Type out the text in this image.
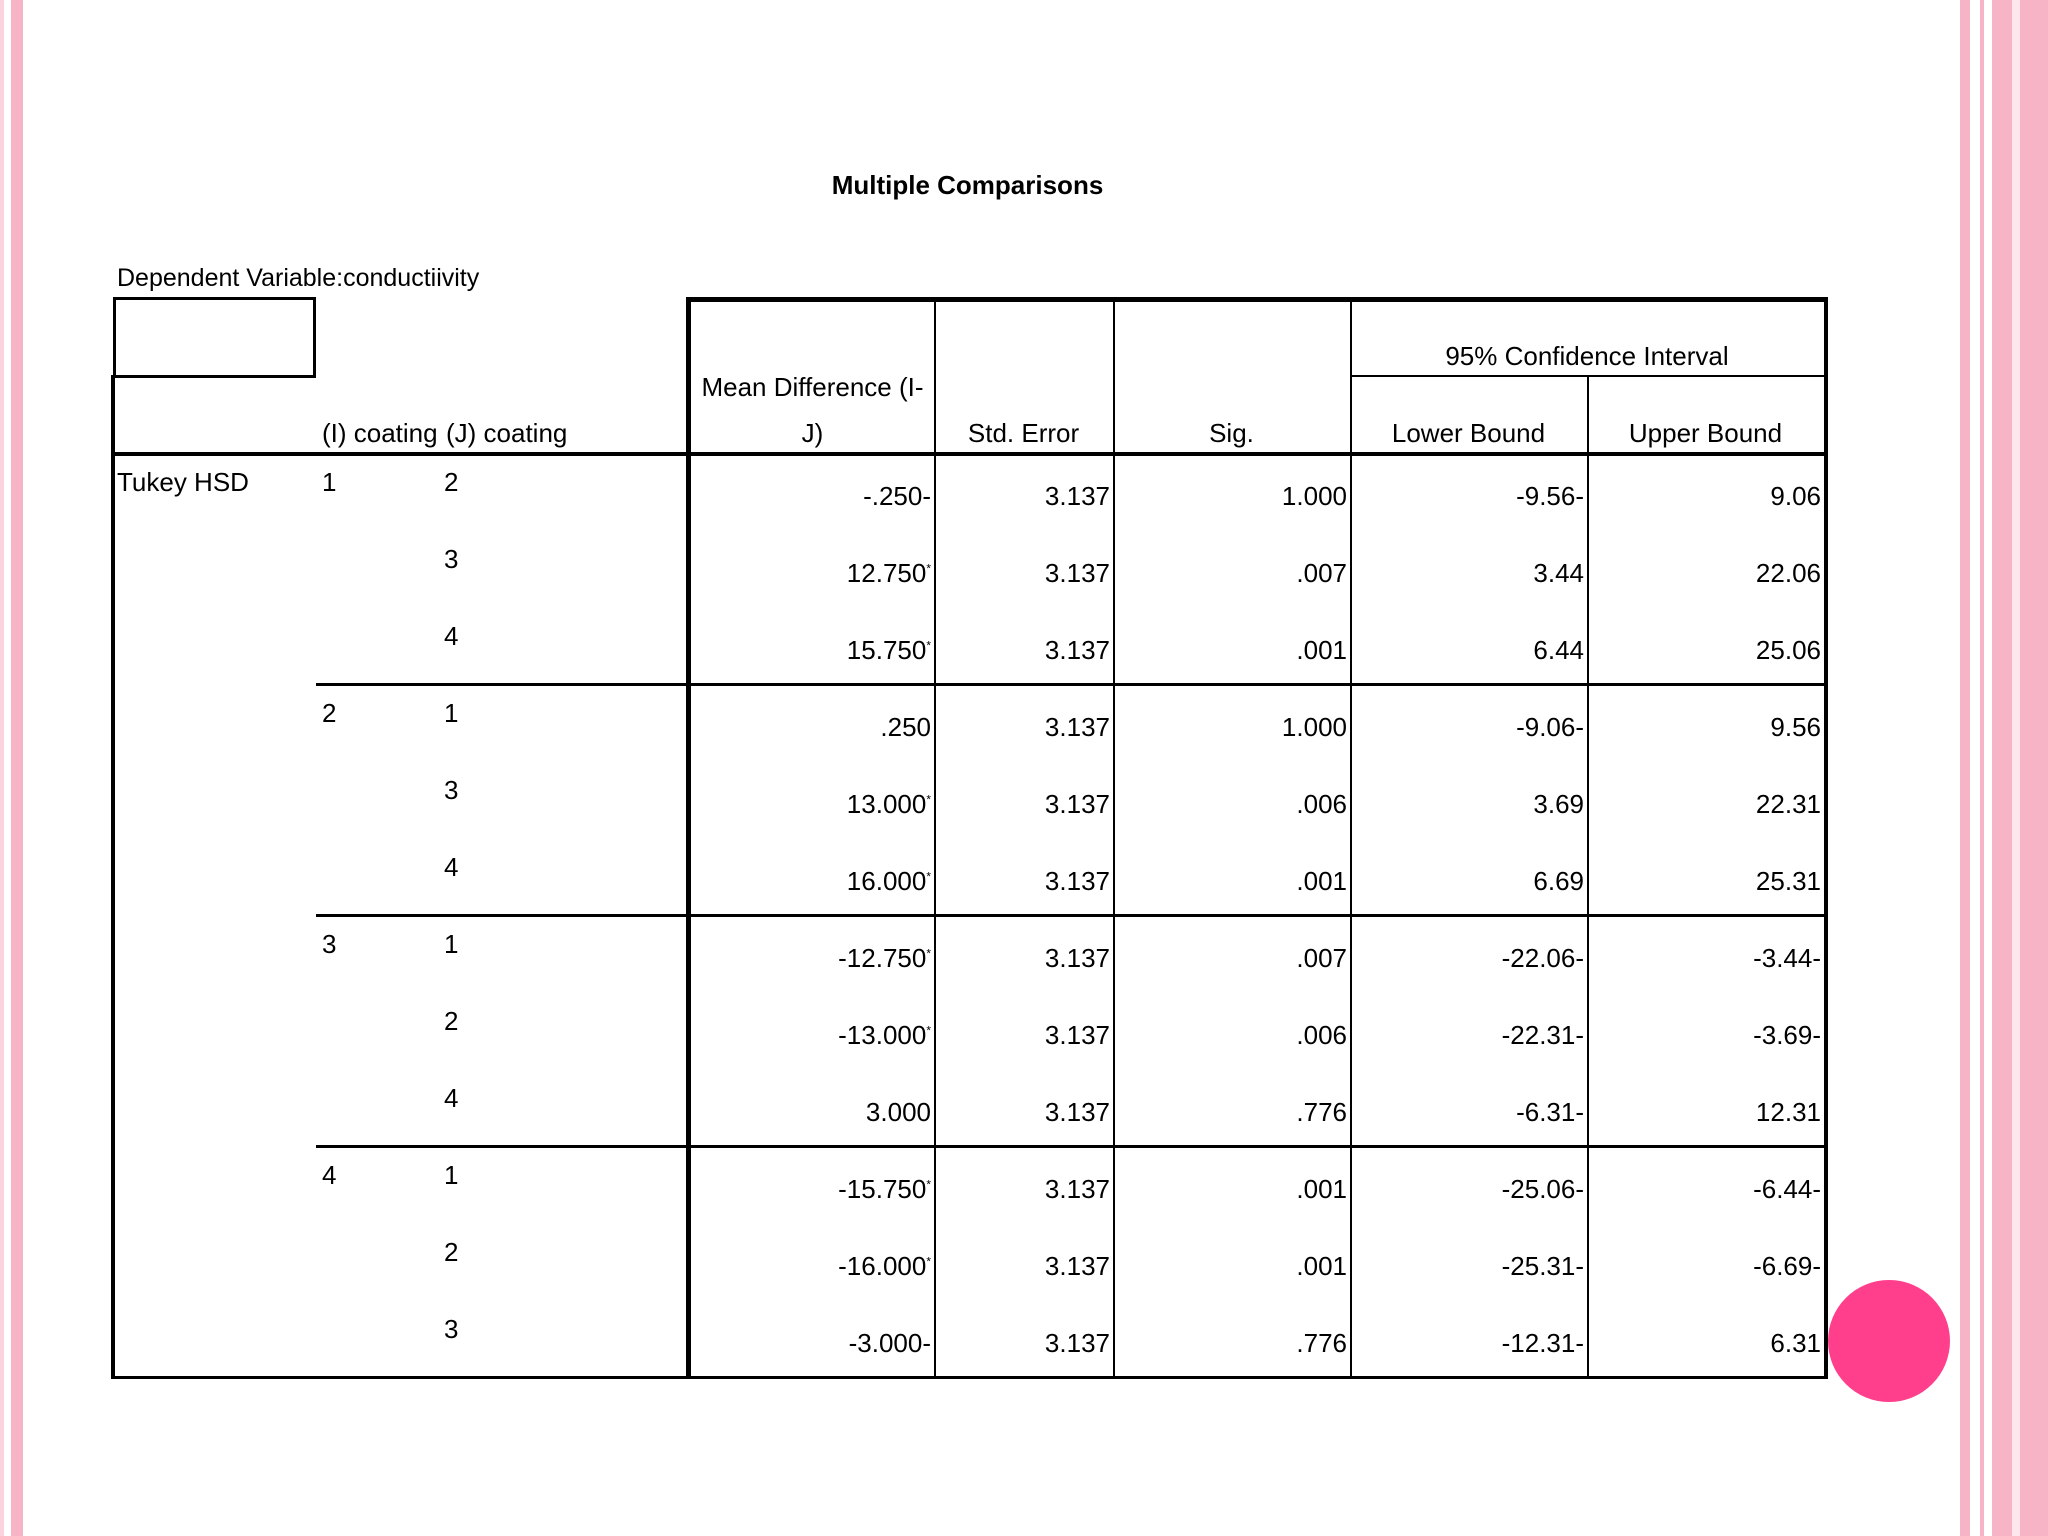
Multiple Comparisons
Dependent Variable:conductiivity
(I) coating (J) coating
Mean Difference (I-
J)	Std. Error	Sig.
95% Confidence Interval
Lower Bound	Upper Bound
Tukey HSD	1	2	-.250-	3.137	1.000	-9.56-	9.06
3	12.750*	3.137	.007	3.44	22.06
4	15.750*	3.137	.001	6.44	25.06
2	1	.250	3.137	1.000	-9.06-	9.56
3	13.000*	3.137	.006	3.69	22.31
4	16.000*	3.137	.001	6.69	25.31
3	1	-12.750*	3.137	.007	-22.06-	-3.44-
2	-13.000*	3.137	.006	-22.31-	-3.69-
4	3.000	3.137	.776	-6.31-	12.31
4	1	-15.750*	3.137	.001	-25.06-	-6.44-
2	-16.000*	3.137	.001	-25.31-	-6.69-
3	-3.000-	3.137	.776	-12.31-	6.31
